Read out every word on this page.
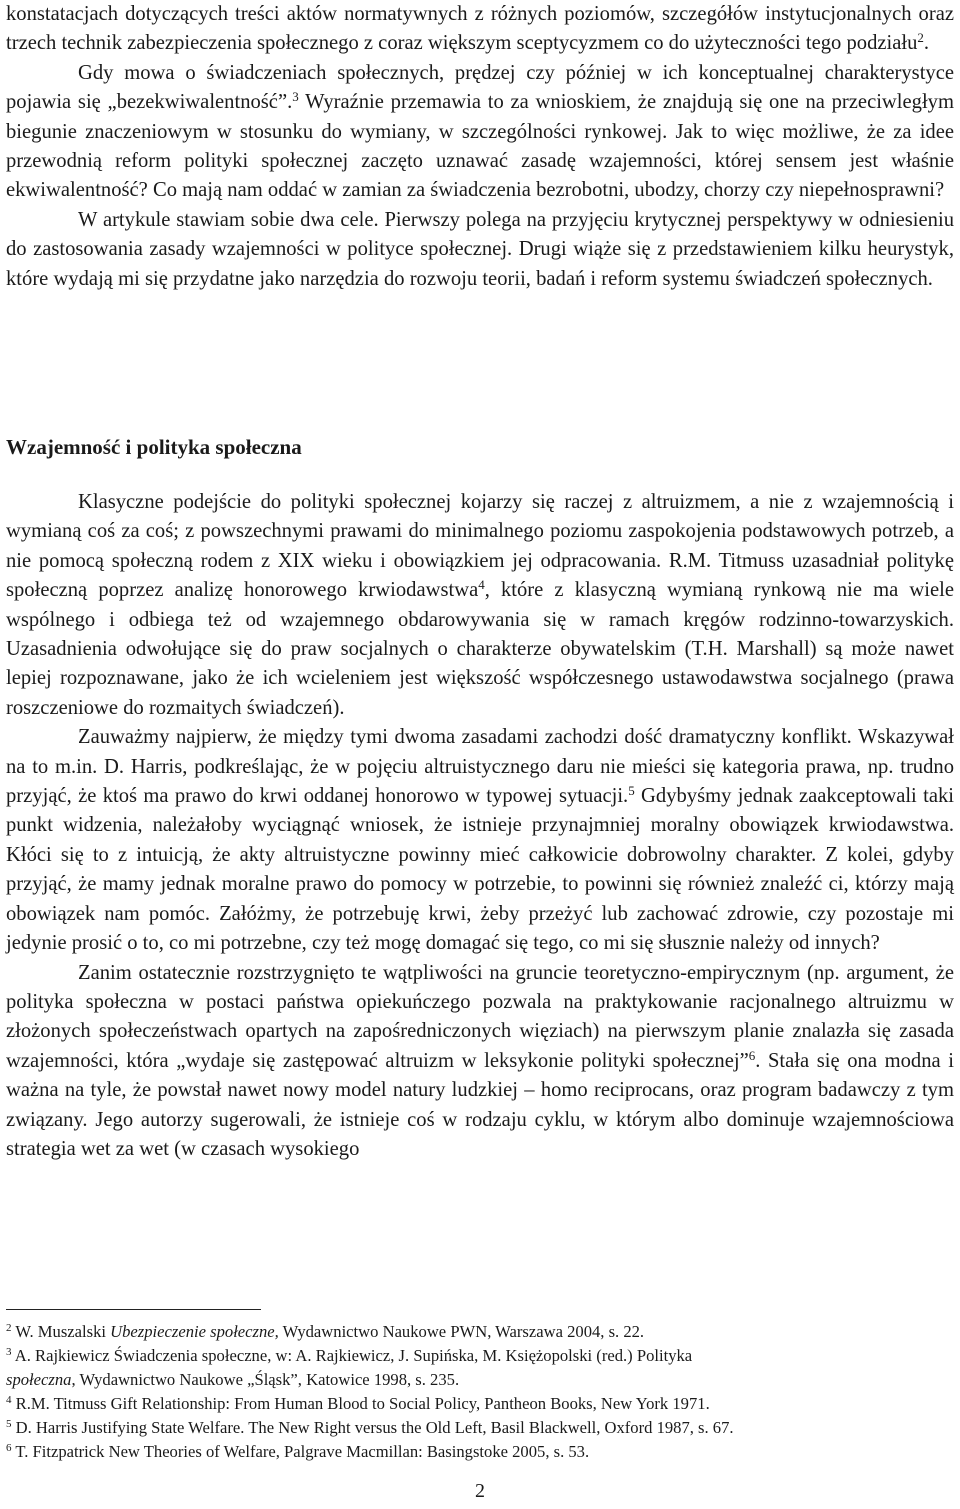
konstatacjach dotyczących treści aktów normatywnych z różnych poziomów, szczegółów instytucjonalnych oraz trzech technik zabezpieczenia społecznego z coraz większym sceptycyzmem co do użyteczności tego podziału$^2$.

Gdy mowa o świadczeniach społecznych, prędzej czy później w ich konceptualnej charakterystyce pojawia się „bezekwiwalentność”.$^3$ Wyraźnie przemawia to za wnioskiem, że znajdują się one na przeciwległym biegunie znaczeniowym w stosunku do wymiany, w szczególności rynkowej. Jak to więc możliwe, że za idee przewodnią reform polityki społecznej zaczęto uznawać zasadę wzajemności, której sensem jest właśnie ekwiwalentność? Co mają nam oddać w zamian za świadczenia bezrobotni, ubodzy, chorzy czy niepełnosprawni?

W artykule stawiam sobie dwa cele. Pierwszy polega na przyjęciu krytycznej perspektywy w odniesieniu do zastosowania zasady wzajemności w polityce społecznej. Drugi wiąże się z przedstawieniem kilku heurystyk, które wydają mi się przydatne jako narzędzia do rozwoju teorii, badań i reform systemu świadczeń społecznych.

Wzajemność i polityka społeczna

Klasyczne podejście do polityki społecznej kojarzy się raczej z altruizmem, a nie z wzajemnością i wymianą coś za coś; z powszechnymi prawami do minimalnego poziomu zaspokojenia podstawowych potrzeb, a nie pomocą społeczną rodem z XIX wieku i obowiązkiem jej odpracowania. R.M. Titmuss uzasadniał politykę społeczną poprzez analizę honorowego krwiodawstwa$^4$, które z klasyczną wymianą rynkową nie ma wiele wspólnego i odbiega też od wzajemnego obdarowywania się w ramach kręgów rodzinno-towarzyskich. Uzasadnienia odwołujące się do praw socjalnych o charakterze obywatelskim (T.H. Marshall) są może nawet lepiej rozpoznawane, jako że ich wcieleniem jest większość współczesnego ustawodawstwa socjalnego (prawa roszczeniowe do rozmaitych świadczeń).

Zauważmy najpierw, że między tymi dwoma zasadami zachodzi dość dramatyczny konflikt. Wskazywał na to m.in. D. Harris, podkreślając, że w pojęciu altruistycznego daru nie mieści się kategoria prawa, np. trudno przyjąć, że ktoś ma prawo do krwi oddanej honorowo w typowej sytuacji.$^5$ Gdybyśmy jednak zaakceptowali taki punkt widzenia, należałoby wyciągnąć wniosek, że istnieje przynajmniej moralny obowiązek krwiodawstwa. Kłóci się to z intuicją, że akty altruistyczne powinny mieć całkowicie dobrowolny charakter. Z kolei, gdyby przyjąć, że mamy jednak moralne prawo do pomocy w potrzebie, to powinni się również znaleźć ci, którzy mają obowiązek nam pomóc. Załóżmy, że potrzebuję krwi, żeby przeżyć lub zachować zdrowie, czy pozostaje mi jedynie prosić o to, co mi potrzebne, czy też mogę domagać się tego, co mi się słusznie należy od innych?

Zanim ostatecznie rozstrzygnięto te wątpliwości na gruncie teoretyczno-empirycznym (np. argument, że polityka społeczna w postaci państwa opiekuńczego pozwala na praktykowanie racjonalnego altruizmu w złożonych społeczeństwach opartych na zapośredniczonych więziach) na pierwszym planie znalazła się zasada wzajemności, która „wydaje się zastępować altruizm w leksykonie polityki społecznej”$^6$. Stała się ona modna i ważna na tyle, że powstał nawet nowy model natury ludzkiej – homo reciprocans, oraz program badawczy z tym związany. Jego autorzy sugerowali, że istnieje coś w rodzaju cyklu, w którym albo dominuje wzajemnościowa strategia wet za wet (w czasach wysokiego

$^2$ W. Muszalski Ubezpieczenie społeczne, Wydawnictwo Naukowe PWN, Warszawa 2004, s. 22.

$^3$ A. Rajkiewicz Świadczenia społeczne, w: A. Rajkiewicz, J. Supińska, M. Księżopolski (red.) Polityka
społeczna, Wydawnictwo Naukowe „Śląsk”, Katowice 1998, s. 235.

$^4$ R.M. Titmuss Gift Relationship: From Human Blood to Social Policy, Pantheon Books, New York 1971.

$^5$ D. Harris Justifying State Welfare. The New Right versus the Old Left, Basil Blackwell, Oxford 1987, s. 67.

$^6$ T. Fitzpatrick New Theories of Welfare, Palgrave Macmillan: Basingstoke 2005, s. 53.

2
